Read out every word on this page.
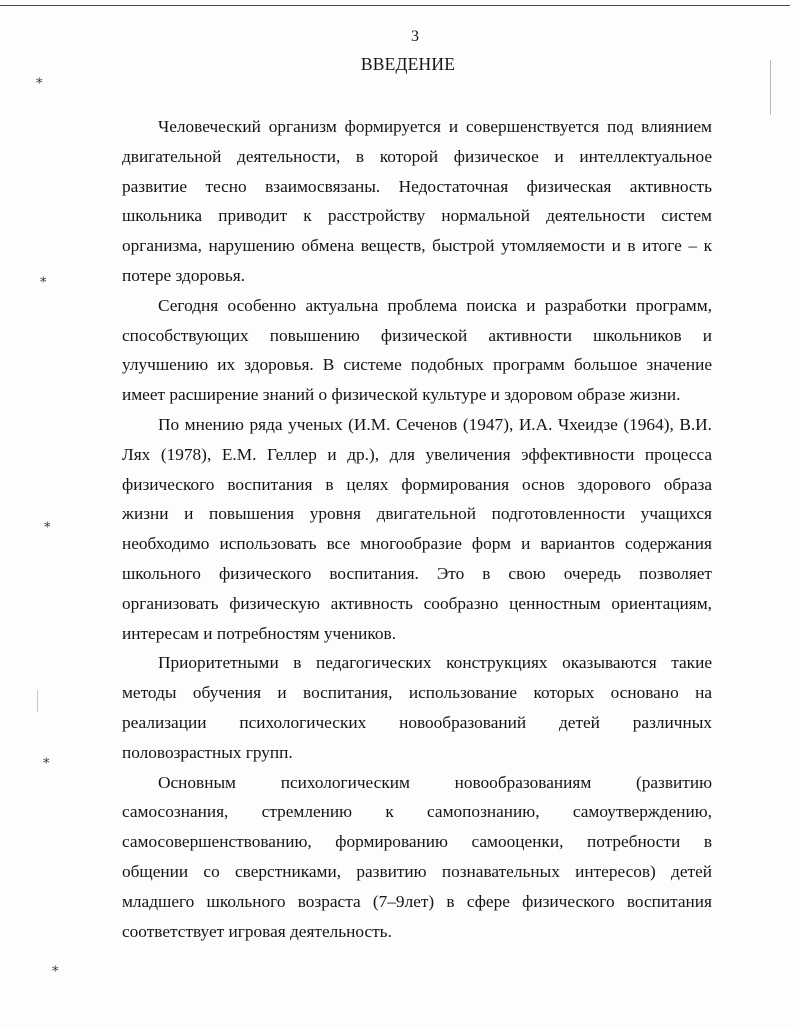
⁎
⁎
⁎
⁎
⁎
3
ВВЕДЕНИЕ

Человеческий организм формируется и совершенствуется под влиянием

двигательной деятельности, в которой физическое и интеллектуальное

развитие тесно взаимосвязаны. Недостаточная физическая активность

школьника приводит к расстройству нормальной деятельности систем

организма, нарушению обмена веществ, быстрой утомляемости и в итоге – к

потере здоровья.

Сегодня особенно актуальна проблема поиска и разработки программ,

способствующих повышению физической активности школьников и

улучшению их здоровья. В системе подобных программ большое значение

имеет расширение знаний о физической культуре и здоровом образе жизни.

По мнению ряда ученых (И.М. Сеченов (1947), И.А. Чхеидзе (1964), В.И.

Лях (1978), Е.М. Геллер и др.), для увеличения эффективности процесса

физического воспитания в целях формирования основ здорового образа

жизни и повышения уровня двигательной подготовленности учащихся

необходимо использовать все многообразие форм и вариантов содержания

школьного физического воспитания. Это в свою очередь позволяет

организовать физическую активность сообразно ценностным ориентациям,

интересам и потребностям учеников.

Приоритетными в педагогических конструкциях оказываются такие

методы обучения и воспитания, использование которых основано на

реализации психологических новообразований детей различных

половозрастных групп.

Основным психологическим новообразованиям (развитию

самосознания, стремлению к самопознанию, самоутверждению,

самосовершенствованию, формированию самооценки, потребности в

общении со сверстниками, развитию познавательных интересов) детей

младшего школьного возраста (7–9лет) в сфере физического воспитания

соответствует игровая деятельность.
